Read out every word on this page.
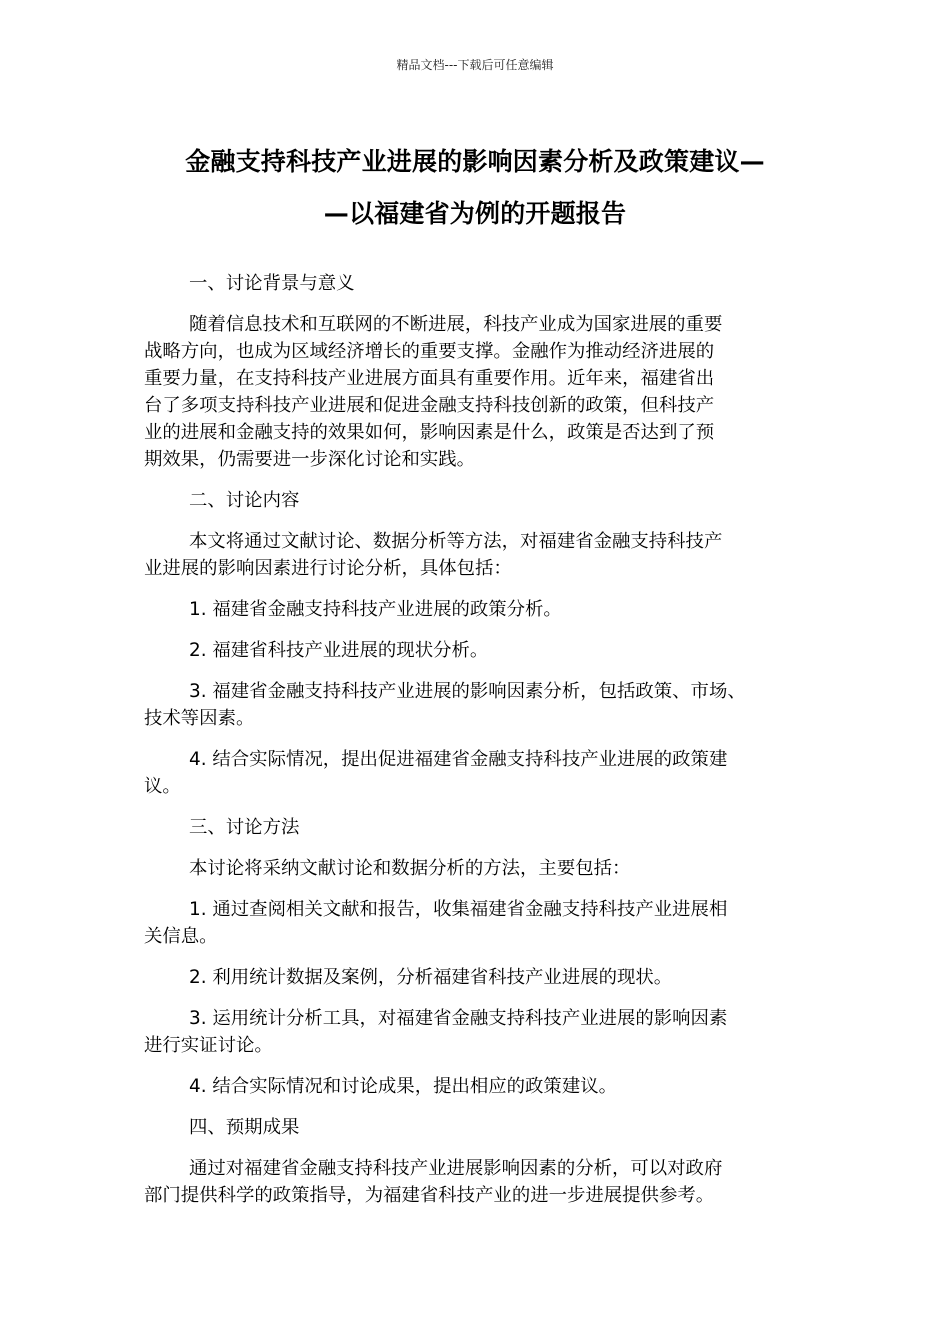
精品文档---下载后可任意编辑
金融支持科技产业进展的影响因素分析及政策建议—
—以福建省为例的开题报告
一、讨论背景与意义
随着信息技术和互联网的不断进展，科技产业成为国家进展的重要
战略方向，也成为区域经济增长的重要支撑。金融作为推动经济进展的
重要力量，在支持科技产业进展方面具有重要作用。近年来，福建省出
台了多项支持科技产业进展和促进金融支持科技创新的政策，但科技产
业的进展和金融支持的效果如何，影响因素是什么，政策是否达到了预
期效果，仍需要进一步深化讨论和实践。
二、讨论内容
本文将通过文献讨论、数据分析等方法，对福建省金融支持科技产
业进展的影响因素进行讨论分析，具体包括：
1. 福建省金融支持科技产业进展的政策分析。
2. 福建省科技产业进展的现状分析。
3. 福建省金融支持科技产业进展的影响因素分析，包括政策、市场、
技术等因素。
4. 结合实际情况，提出促进福建省金融支持科技产业进展的政策建
议。
三、讨论方法
本讨论将采纳文献讨论和数据分析的方法，主要包括：
1. 通过查阅相关文献和报告，收集福建省金融支持科技产业进展相
关信息。
2. 利用统计数据及案例，分析福建省科技产业进展的现状。
3. 运用统计分析工具，对福建省金融支持科技产业进展的影响因素
进行实证讨论。
4. 结合实际情况和讨论成果，提出相应的政策建议。
四、预期成果
通过对福建省金融支持科技产业进展影响因素的分析，可以对政府
部门提供科学的政策指导，为福建省科技产业的进一步进展提供参考。
